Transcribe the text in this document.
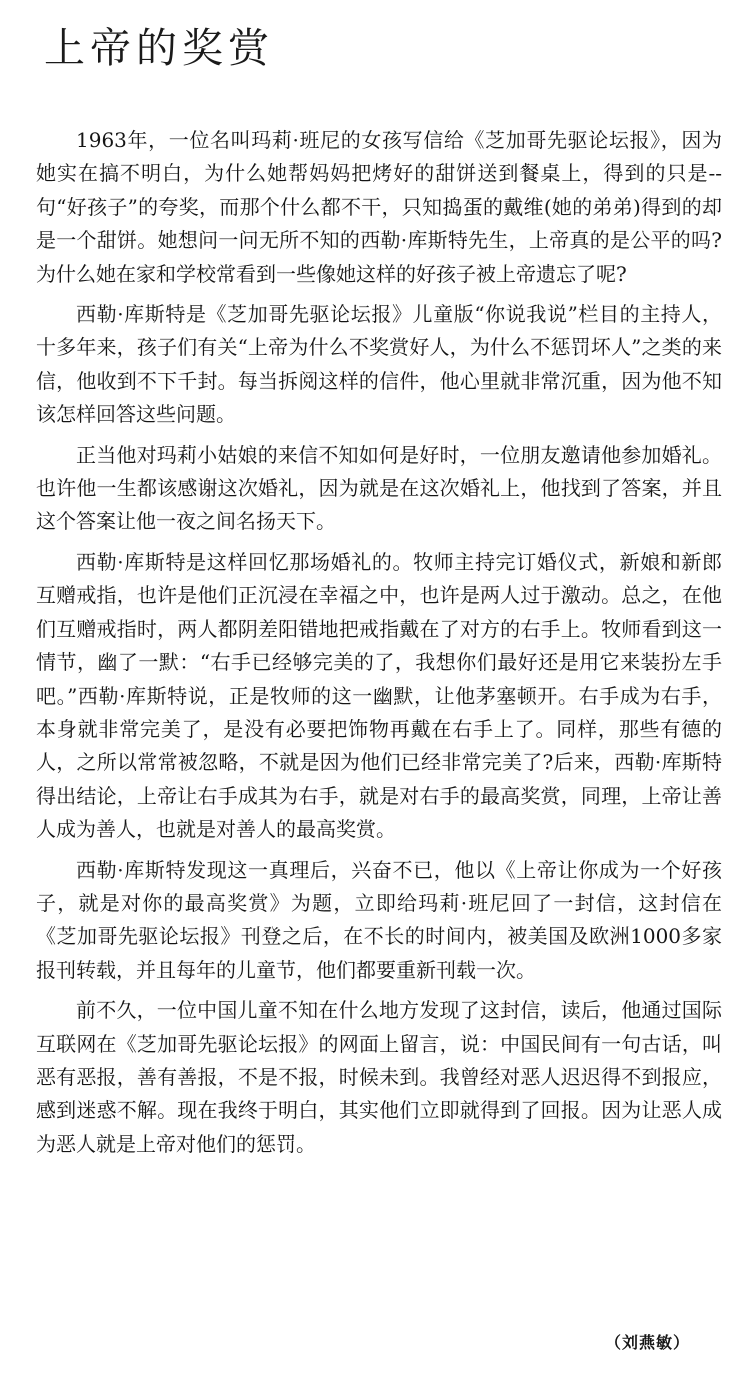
上帝的奖赏

1963年，一位名叫玛莉·班尼的女孩写信给《芝加哥先驱论坛报》，因为她实在搞不明白，为什么她帮妈妈把烤好的甜饼送到餐桌上，得到的只是--句“好孩子”的夸奖，而那个什么都不干，只知捣蛋的戴维(她的弟弟)得到的却是一个甜饼。她想问一问无所不知的西勒·库斯特先生，上帝真的是公平的吗?为什么她在家和学校常看到一些像她这样的好孩子被上帝遗忘了呢?

西勒·库斯特是《芝加哥先驱论坛报》儿童版“你说我说”栏目的主持人，十多年来，孩子们有关“上帝为什么不奖赏好人，为什么不惩罚坏人”之类的来信，他收到不下千封。每当拆阅这样的信件，他心里就非常沉重，因为他不知该怎样回答这些问题。

正当他对玛莉小姑娘的来信不知如何是好时，一位朋友邀请他参加婚礼。也许他一生都该感谢这次婚礼，因为就是在这次婚礼上，他找到了答案，并且这个答案让他一夜之间名扬天下。

西勒·库斯特是这样回忆那场婚礼的。牧师主持完订婚仪式，新娘和新郎互赠戒指，也许是他们正沉浸在幸福之中，也许是两人过于激动。总之，在他们互赠戒指时，两人都阴差阳错地把戒指戴在了对方的右手上。牧师看到这一情节，幽了一默：“右手已经够完美的了，我想你们最好还是用它来装扮左手吧。”西勒·库斯特说，正是牧师的这一幽默，让他茅塞顿开。右手成为右手，本身就非常完美了，是没有必要把饰物再戴在右手上了。同样，那些有德的人，之所以常常被忽略，不就是因为他们已经非常完美了?后来，西勒·库斯特得出结论，上帝让右手成其为右手，就是对右手的最高奖赏，同理，上帝让善人成为善人，也就是对善人的最高奖赏。

西勒·库斯特发现这一真理后，兴奋不已，他以《上帝让你成为一个好孩子，就是对你的最高奖赏》为题，立即给玛莉·班尼回了一封信，这封信在《芝加哥先驱论坛报》刊登之后，在不长的时间内，被美国及欧洲1000多家报刊转载，并且每年的儿童节，他们都要重新刊载一次。

前不久，一位中国儿童不知在什么地方发现了这封信，读后，他通过国际互联网在《芝加哥先驱论坛报》的网面上留言，说：中国民间有一句古话，叫恶有恶报，善有善报，不是不报，时候未到。我曾经对恶人迟迟得不到报应，感到迷惑不解。现在我终于明白，其实他们立即就得到了回报。因为让恶人成为恶人就是上帝对他们的惩罚。

（刘燕敏）
